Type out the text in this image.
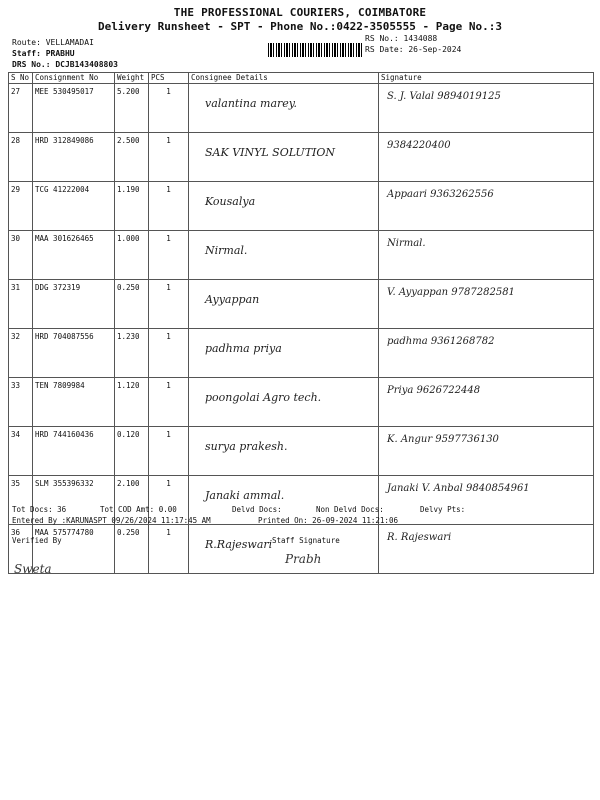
THE PROFESSIONAL COURIERS, COIMBATORE
Delivery Runsheet - SPT - Phone No.:0422-3505555 - Page No.:3
Route: VELLAMADAI
Staff: PRABHU
DRS No.: DCJB143408803
RS No.: 1434088
RS Date: 26-Sep-2024
S No	Consignment No	Weight	PCS	Consignee Details	Signature
27	MEE 530495017	5.200	1	valantina marey.	S. J. Valal 9894019125

28	HRD 312849086	2.500	1	SAK VINYL SOLUTION	9384220400

29	TCG 41222004	1.190	1	Kousalya	Appaari 9363262556

30	MAA 301626465	1.000	1	Nirmal.	Nirmal.

31	DDG 372319	0.250	1	Ayyappan	V. Ayyappan 9787282581

32	HRD 704087556	1.230	1	padhma priya	padhma 9361268782

33	TEN 7809984	1.120	1	poongolai Agro tech.	Priya 9626722448

34	HRD 744160436	0.120	1	surya prakesh.	K. Angur 9597736130

35	SLM 355396332	2.100	1	Janaki ammal.	Janaki V. Anbal 9840854961

36	MAA 575774780	0.250	1	R.Rajeswari	R. Rajeswari
Tot Docs: 36	Tot COD Amt: 0.00	Delvd Docs:	Non Delvd Docs:	Delvy Pts:
Entered By :KARUNASPT 09/26/2024 11:17:45 AM	Printed On: 26-09-2024 11:21:06
Verified By	Staff Signature
Sweta
Prabh
